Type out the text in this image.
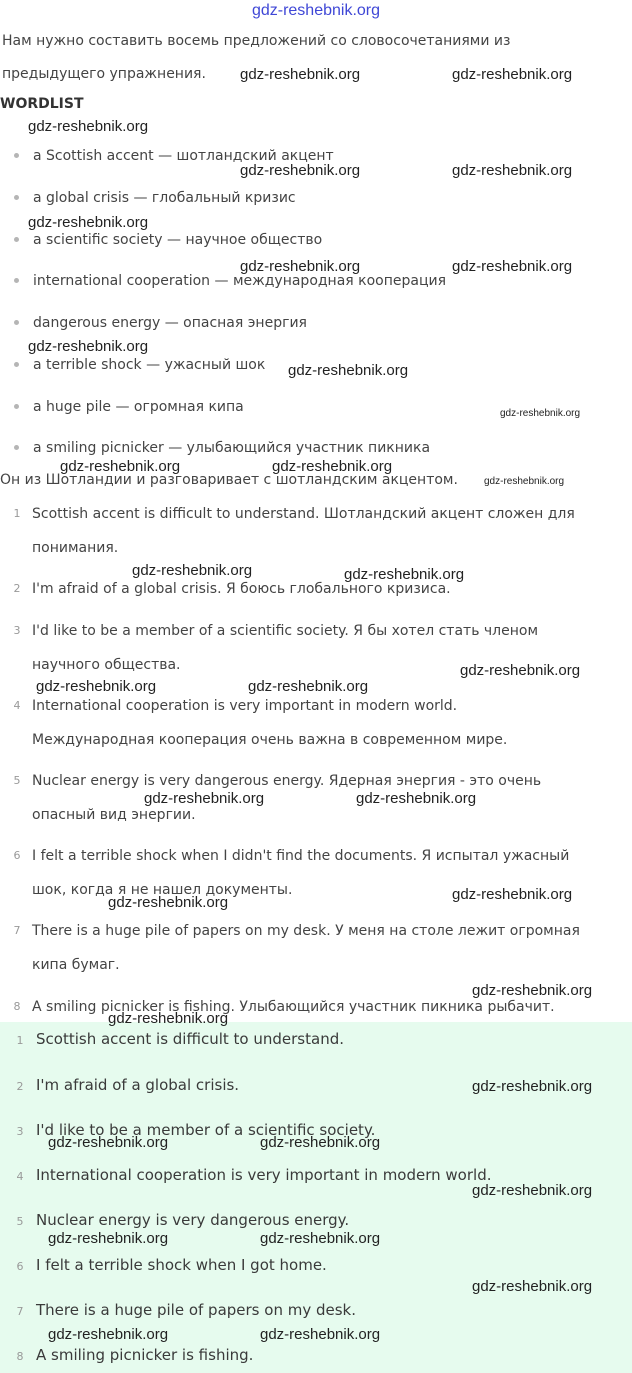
gdz-reshebnik.org
Нам нужно составить восемь предложений со словосочетаниями из
предыдущего упражнения.
WORDLIST
a Scottish accent — шотландский акцент
a global crisis — глобальный кризис
a scientific society — научное общество
international cooperation — международная кооперация
dangerous energy — опасная энергия
a terrible shock — ужасный шок
a huge pile — огромная кипа
a smiling picnicker — улыбающийся участник пикника
Он из Шотландии и разговаривает с шотландским акцентом.
1 Scottish accent is difficult to understand. Шотландский акцент сложен для
понимания.
2 I'm afraid of a global crisis. Я боюсь глобального кризиса.
3 I'd like to be a member of a scientific society. Я бы хотел стать членом
научного общества.
4 International cooperation is very important in modern world.
Международная кооперация очень важна в современном мире.
5 Nuclear energy is very dangerous energy. Ядерная энергия - это очень
опасный вид энергии.
6 I felt a terrible shock when I didn't find the documents. Я испытал ужасный
шок, когда я не нашел документы.
7 There is a huge pile of papers on my desk. У меня на столе лежит огромная
кипа бумаг.
8 A smiling picnicker is fishing. Улыбающийся участник пикника рыбачит.
1 Scottish accent is difficult to understand.
2 I'm afraid of a global crisis.
3 I'd like to be a member of a scientific society.
4 International cooperation is very important in modern world.
5 Nuclear energy is very dangerous energy.
6 I felt a terrible shock when I got home.
7 There is a huge pile of papers on my desk.
8 A smiling picnicker is fishing.
gdz-reshebnik.org	gdz-reshebnik.org
gdz-reshebnik.org
gdz-reshebnik.org	gdz-reshebnik.org
gdz-reshebnik.org
gdz-reshebnik.org	gdz-reshebnik.org
gdz-reshebnik.org
gdz-reshebnik.org
gdz-reshebnik.org
gdz-reshebnik.org	gdz-reshebnik.org
gdz-reshebnik.org
gdz-reshebnik.org	gdz-reshebnik.org
gdz-reshebnik.org
gdz-reshebnik.org	gdz-reshebnik.org
gdz-reshebnik.org	gdz-reshebnik.org
gdz-reshebnik.org
gdz-reshebnik.org
gdz-reshebnik.org
gdz-reshebnik.org
gdz-reshebnik.org
gdz-reshebnik.org	gdz-reshebnik.org
gdz-reshebnik.org
gdz-reshebnik.org	gdz-reshebnik.org
gdz-reshebnik.org
gdz-reshebnik.org	gdz-reshebnik.org
